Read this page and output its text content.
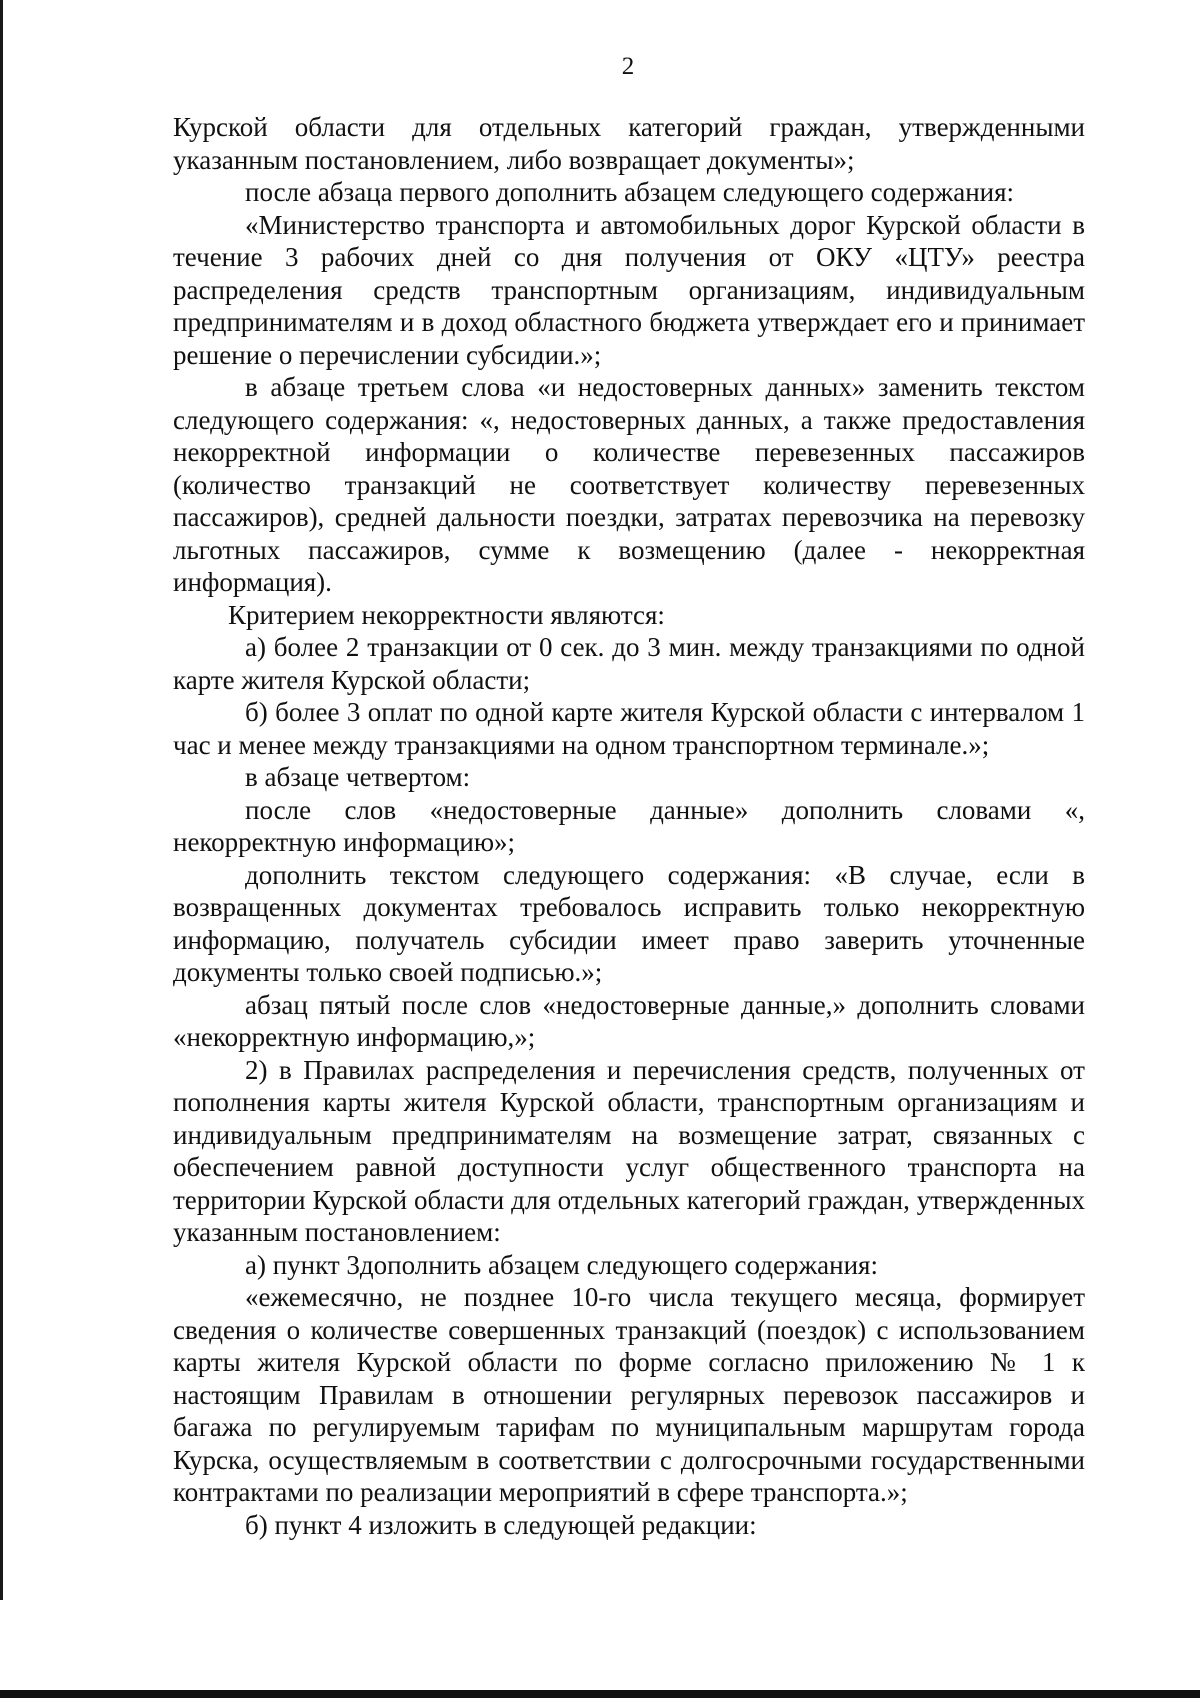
2

Курской области для отдельных категорий граждан, утвержденными указанным постановлением, либо возвращает документы»;

после абзаца первого дополнить абзацем следующего содержания:

«Министерство транспорта и автомобильных дорог Курской области в течение 3 рабочих дней со дня получения от ОКУ «ЦТУ» реестра распределения средств транспортным организациям, индивидуальным предпринимателям и в доход областного бюджета утверждает его и принимает решение о перечислении субсидии.»;

в абзаце третьем слова «и недостоверных данных» заменить текстом следующего содержания: «, недостоверных данных, а также предоставления некорректной информации о количестве перевезенных пассажиров (количество транзакций не соответствует количеству перевезенных пассажиров), средней дальности поездки, затратах перевозчика на перевозку льготных пассажиров, сумме к возмещению (далее - некорректная информация).

Критерием некорректности являются:

а) более 2 транзакции от 0 сек. до 3 мин. между транзакциями по одной карте жителя Курской области;

б) более 3 оплат по одной карте жителя Курской области с интервалом 1 час и менее между транзакциями на одном транспортном терминале.»;

в абзаце четвертом:

после слов «недостоверные данные» дополнить словами «, некорректную информацию»;

дополнить текстом следующего содержания: «В случае, если в возвращенных документах требовалось исправить только некорректную информацию, получатель субсидии имеет право заверить уточненные документы только своей подписью.»;

абзац пятый после слов «недостоверные данные,» дополнить словами «некорректную информацию,»;

2) в Правилах распределения и перечисления средств, полученных от пополнения карты жителя Курской области, транспортным организациям и индивидуальным предпринимателям на возмещение затрат, связанных с обеспечением равной доступности услуг общественного транспорта на территории Курской области для отдельных категорий граждан, утвержденных указанным постановлением:

а) пункт 3дополнить абзацем следующего содержания:

«ежемесячно, не позднее 10-го числа текущего месяца, формирует сведения о количестве совершенных транзакций (поездок) с использованием карты жителя Курской области по форме согласно приложению № 1 к настоящим Правилам в отношении регулярных перевозок пассажиров и багажа по регулируемым тарифам по муниципальным маршрутам города Курска, осуществляемым в соответствии с долгосрочными государственными контрактами по реализации мероприятий в сфере транспорта.»;

б) пункт 4 изложить в следующей редакции:
